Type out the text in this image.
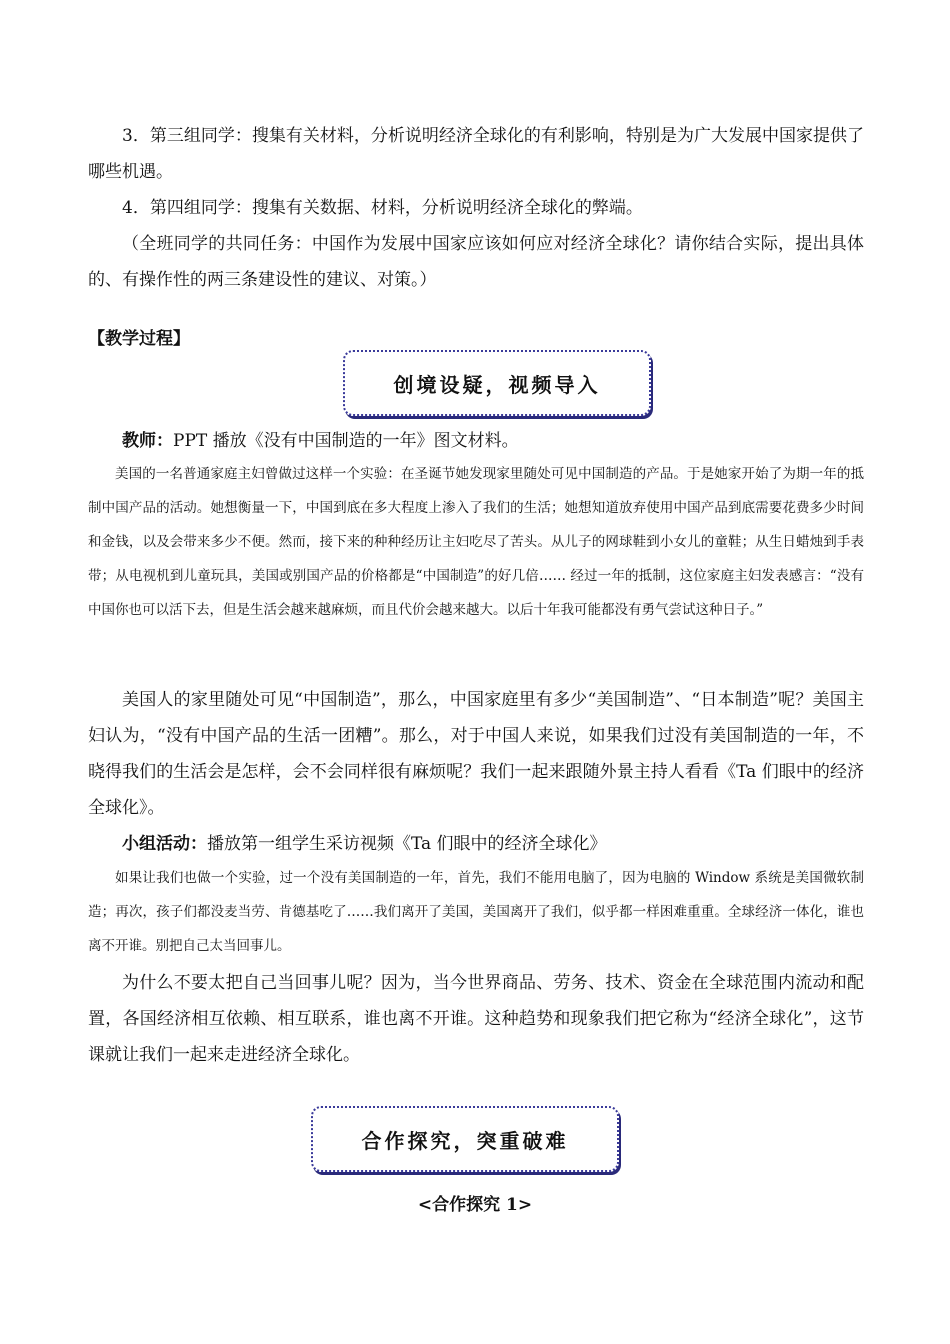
3．第三组同学：搜集有关材料，分析说明经济全球化的有利影响，特别是为广大发展中国家提供了哪些机遇。

4．第四组同学：搜集有关数据、材料，分析说明经济全球化的弊端。

（全班同学的共同任务：中国作为发展中国家应该如何应对经济全球化？请你结合实际，提出具体的、有操作性的两三条建设性的建议、对策。）

【教学过程】
创境设疑，视频导入

教师：PPT 播放《没有中国制造的一年》图文材料。

美国的一名普通家庭主妇曾做过这样一个实验：在圣诞节她发现家里随处可见中国制造的产品。于是她家开始了为期一年的抵制中国产品的活动。她想衡量一下，中国到底在多大程度上渗入了我们的生活；她想知道放弃使用中国产品到底需要花费多少时间和金钱，以及会带来多少不便。然而，接下来的种种经历让主妇吃尽了苦头。从儿子的网球鞋到小女儿的童鞋；从生日蜡烛到手表带；从电视机到儿童玩具，美国或别国产品的价格都是“中国制造”的好几倍…… 经过一年的抵制，这位家庭主妇发表感言：“没有中国你也可以活下去，但是生活会越来越麻烦，而且代价会越来越大。以后十年我可能都没有勇气尝试这种日子。”

美国人的家里随处可见“中国制造”，那么，中国家庭里有多少“美国制造”、“日本制造”呢？美国主妇认为，“没有中国产品的生活一团糟”。那么，对于中国人来说，如果我们过没有美国制造的一年，不晓得我们的生活会是怎样，会不会同样很有麻烦呢？我们一起来跟随外景主持人看看《Ta 们眼中的经济全球化》。

小组活动：播放第一组学生采访视频《Ta 们眼中的经济全球化》

如果让我们也做一个实验，过一个没有美国制造的一年，首先，我们不能用电脑了，因为电脑的 Window 系统是美国微软制造；再次，孩子们都没麦当劳、肯德基吃了……我们离开了美国，美国离开了我们，似乎都一样困难重重。全球经济一体化，谁也离不开谁。别把自己太当回事儿。

为什么不要太把自己当回事儿呢？因为，当今世界商品、劳务、技术、资金在全球范围内流动和配置，各国经济相互依赖、相互联系，谁也离不开谁。这种趋势和现象我们把它称为“经济全球化”，这节课就让我们一起来走进经济全球化。

合作探究，突重破难
<合作探究 1>
